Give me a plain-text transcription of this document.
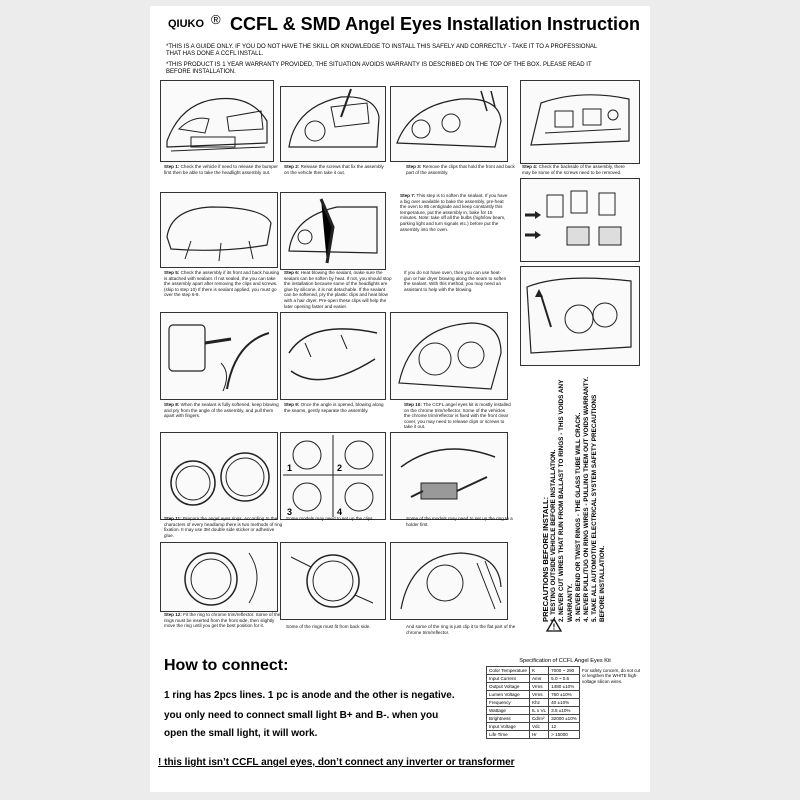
QIUKO ® CCFL & SMD Angel Eyes Installation Instruction
*THIS IS A GUIDE ONLY. IF YOU DO NOT HAVE THE SKILL OR KNOWLEDGE TO INSTALL THIS SAFELY AND CORRECTLY - TAKE IT TO A PROFESSIONAL THAT HAS DONE A CCFL INSTALL.
*THIS PRODUCT IS 1 YEAR WARRANTY PROVIDED, THE SITUATION AVOIDS WARRANTY IS DESCRIBED ON THE TOP OF THE BOX. PLEASE READ IT BEFORE INSTALLATION.
Step 1: Check the vehicle if need to release the bumper first then be able to take the headlight assembly out.
Step 2: Release the screws that fix the assembly on the vehicle then take it out.
Step 3: Remove the clips that hold the front and back part of the assembly.
Step 4: Check the backside of the assembly, there may be some of the screws need to be removed.
Step 7: This step is to soften the sealant. If you have a big over available to bake the assembly, pre-heat the oven to 85 centigrade and keep constantly this temperature, put the assembly in, bake for 15 minutes. Note: take off all the bulbs (high/low beam, parking light and turn signals etc.) before put the assembly into the oven.
Step 5: Check the assembly if its front and back housing is attached with sealant. If not sealed, the you can take the assembly apart after removing the clips and screws. (skip to step 10) If there is sealant applied, you must go over the step 6-9.
Step 6: Heat blowing the sealant, make sure the sealant can be soften by heat. If not, you should stop the installation because some of the headlights are glue by silicone, it is not detachable. If the sealant can be softened, pry the plastic clips and heat blow with a hair dryer. Pre-open these clips will help the later opening faster and easier.
If you do not have oven, then you can use heat-gun or hair dryer blowing along the seam to soften the sealant. With this method, you may need an assistant to help with the blowing.
Step 8: When the sealant is fully softened, keep blowing and pry from the angle of the assembly, and pull them apart with fingers.
Step 9: Once the angle is opened, blowing along the seams, gently separate the assembly.
Step 10: The CCFL angel eyes kit is mostly installed on the chrome trim/reflector. Some of the vehicles the chrome trim/reflector is fixed with the front clear cover, you may need to release clips or screws to take it out.
1	2
3	4
Step 11: Prepare the angel eyes rings. According to the characters of every headlamp there is two methods of ring fixation. It may use 3M double side sticker or adhesive glue.
Some models may need to set up the clips.	Some of the models may need to set up the ring to a holder first.
Step 12: Fit the ring to chrome trim/reflector. Some of the rings must be inserted from the front side, then slightly move the ring until you get the best position for it.	Some of the rings must fit from back side.	And some of the ring is just clip it to the flat part of the chrome trim/reflector.
PRECAUTIONS BEFORE INSTALL: 1. TESTING OUTSIDE VEHICLE BEFORE INSTALLATION. 2. NEVER CUT WIRES THAT RUN FROM BALLAST TO RINGS - THIS VOIDS ANY WARRANTY. 3. NEVER BEND OR TWIST RINGS - THE GLASS TUBE WILL CRACK. 4. NEVER PULL/TUG ON RING WIRES - PULLING THEM OUT VOIDS WARRANTY. 5. TAKE ALL AUTOMOTIVE ELECTRICAL SYSTEM SAFETY PRECAUTIONS BEFORE INSTALLATION.
!
How to connect:
1 ring has 2pcs lines. 1 pc is anode and the other is negative.
you only need to connect small light B+ and B-. when you
open the small light, it will work.
! this light isn’t CCFL angel eyes, don’t connect any inverter or transformer
Specification of CCFL Angel Eyes Kit
Color Temperature	K	7000 ~ 290
Input Current	Ams	5.0 ~ 0.5
Output Voltage	Vrms	1480 ±10%
Lumen Voltage	Vrms	760 ±10%
Frequency	Khz	40 ±10%
Wattage	IL x VL	3.5 ±10%
Brightness	Cd/m²	32000 ±10%
Input Voltage	Vdc	12
Life Time	Hr	> 15000
For safety concern, do not cut or lengthen the WHITE high-voltage silicon wires.
